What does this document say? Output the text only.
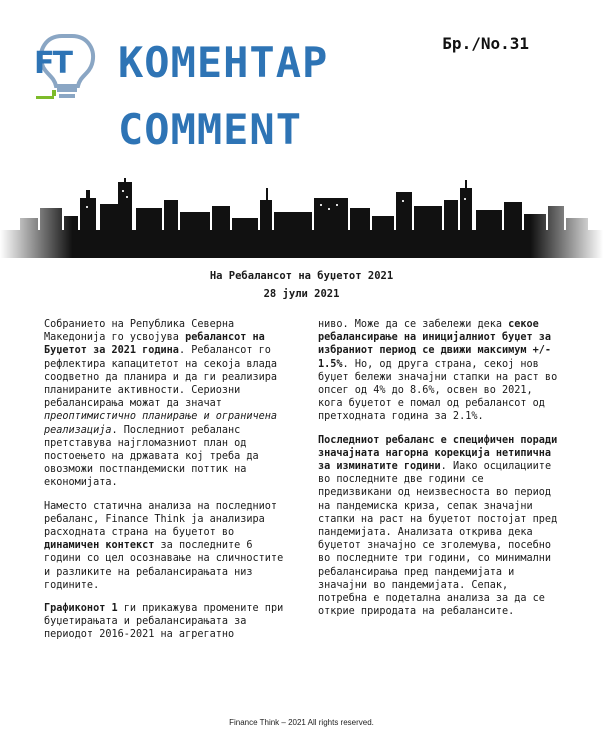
FT КОМЕНТАР
COMMENT
Бр./No.31
На Ребалансот на буџетот 2021
28 јули 2021

Собранието на Република Северна Македонија го усвојува ребалансот на Буџетот за 2021 година. Ребалансот го рефлектира капацитетот на секоја влада соодветно да планира и да ги реализира планираните активности. Сериозни ребалансирања можат да значат преоптимистично планирање и ограничена реализација. Последниот ребаланс претставува најгломазниот план од постоењето на државата кој треба да овозможи постпандемиски поттик на економијата.

Наместо статична анализа на последниот ребаланс, Finance Think ја анализира расходната страна на буџетот во динамичен контекст за последните 6 години со цел осознавање на сличностите и разликите на ребалансирањата низ годините.

Графиконот 1 ги прикажува промените при буџетирањата и ребалансирањата за периодот 2016-2021 на агрегатно

ниво. Може да се забележи дека секое ребалансирање на иницијалниот буџет за избраниот период се движи максимум +/- 1.5%. Но, од друга страна, секој нов буџет бележи значајни стапки на раст во опсег од 4% до 8.6%, освен во 2021, кога буџетот е помал од ребалансот од претходната година за 2.1%.

Последниот ребаланс е специфичен поради значајната нагорна корекција нетипична за изминатите години. Иако осцилациите во последните две години се предизвикани од неизвесноста во период на пандемиска криза, сепак значајни стапки на раст на буџетот постојат пред пандемијата. Анализата открива дека буџетот значајно се зголемува, посебно во последните три години, со минимални ребалансирања пред пандемијата и значајни во пандемијата. Сепак, потребна е подетална анализа за да се открие природата на ребалансите.

Finance Think – 2021 All rights reserved.
